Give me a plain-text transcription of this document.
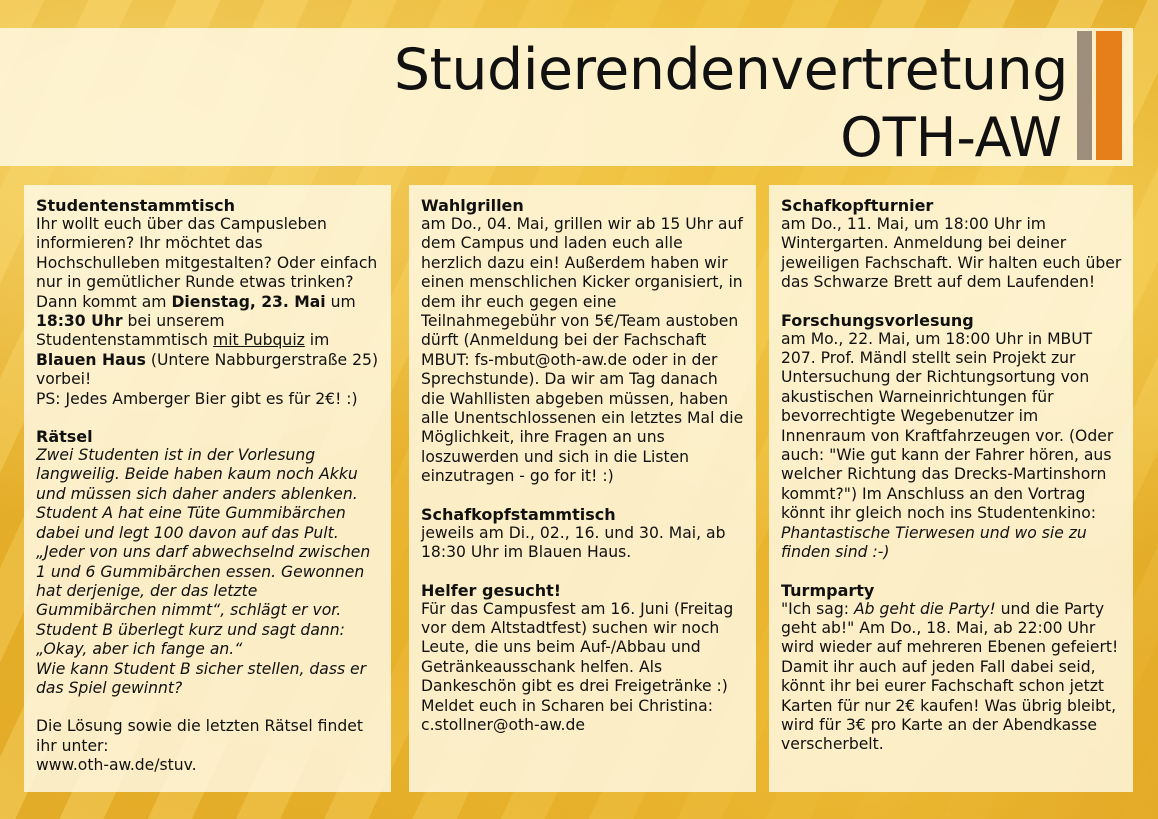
Studierendenvertretung
OTH-AW
Studentenstammtisch
Ihr wollt euch über das Campusleben informieren? Ihr möchtet das Hochschulleben mitgestalten? Oder einfach nur in gemütlicher Runde etwas trinken? Dann kommt am Dienstag, 23. Mai um 18:30 Uhr bei unserem Studentenstammtisch mit Pubquiz im Blauen Haus (Untere Nabburgerstraße 25) vorbei!
PS: Jedes Amberger Bier gibt es für 2€! :)
Rätsel
Zwei Studenten ist in der Vorlesung langweilig. Beide haben kaum noch Akku und müssen sich daher anders ablenken. Student A hat eine Tüte Gummibärchen dabei und legt 100 davon auf das Pult. „Jeder von uns darf abwechselnd zwischen 1 und 6 Gummibärchen essen. Gewonnen hat derjenige, der das letzte Gummibärchen nimmt“, schlägt er vor. Student B überlegt kurz und sagt dann: „Okay, aber ich fange an.“
Wie kann Student B sicher stellen, dass er das Spiel gewinnt?
Die Lösung sowie die letzten Rätsel findet ihr unter:
www.oth-aw.de/stuv.
Wahlgrillen
am Do., 04. Mai, grillen wir ab 15 Uhr auf dem Campus und laden euch alle herzlich dazu ein! Außerdem haben wir einen menschlichen Kicker organisiert, in dem ihr euch gegen eine Teilnahmegebühr von 5€/Team austoben dürft (Anmeldung bei der Fachschaft MBUT: fs-mbut@oth-aw.de oder in der Sprechstunde). Da wir am Tag danach die Wahllisten abgeben müssen, haben alle Unentschlossenen ein letztes Mal die Möglichkeit, ihre Fragen an uns loszuwerden und sich in die Listen einzutragen - go for it! :)
Schafkopfstammtisch
jeweils am Di., 02., 16. und 30. Mai, ab 18:30 Uhr im Blauen Haus.
Helfer gesucht!
Für das Campusfest am 16. Juni (Freitag vor dem Altstadtfest) suchen wir noch Leute, die uns beim Auf-/Abbau und Getränkeausschank helfen. Als Dankeschön gibt es drei Freigetränke :) Meldet euch in Scharen bei Christina: c.stollner@oth-aw.de
Schafkopfturnier
am Do., 11. Mai, um 18:00 Uhr im Wintergarten. Anmeldung bei deiner jeweiligen Fachschaft. Wir halten euch über das Schwarze Brett auf dem Laufenden!
Forschungsvorlesung
am Mo., 22. Mai, um 18:00 Uhr in MBUT 207. Prof. Mändl stellt sein Projekt zur Untersuchung der Richtungsortung von akustischen Warneinrichtungen für bevorrechtigte Wegebenutzer im Innenraum von Kraftfahrzeugen vor. (Oder auch: "Wie gut kann der Fahrer hören, aus welcher Richtung das Drecks-Martinshorn kommt?") Im Anschluss an den Vortrag könnt ihr gleich noch ins Studentenkino: Phantastische Tierwesen und wo sie zu finden sind :-)
Turmparty
"Ich sag: Ab geht die Party! und die Party geht ab!" Am Do., 18. Mai, ab 22:00 Uhr wird wieder auf mehreren Ebenen gefeiert! Damit ihr auch auf jeden Fall dabei seid, könnt ihr bei eurer Fachschaft schon jetzt Karten für nur 2€ kaufen! Was übrig bleibt, wird für 3€ pro Karte an der Abendkasse verscherbelt.
